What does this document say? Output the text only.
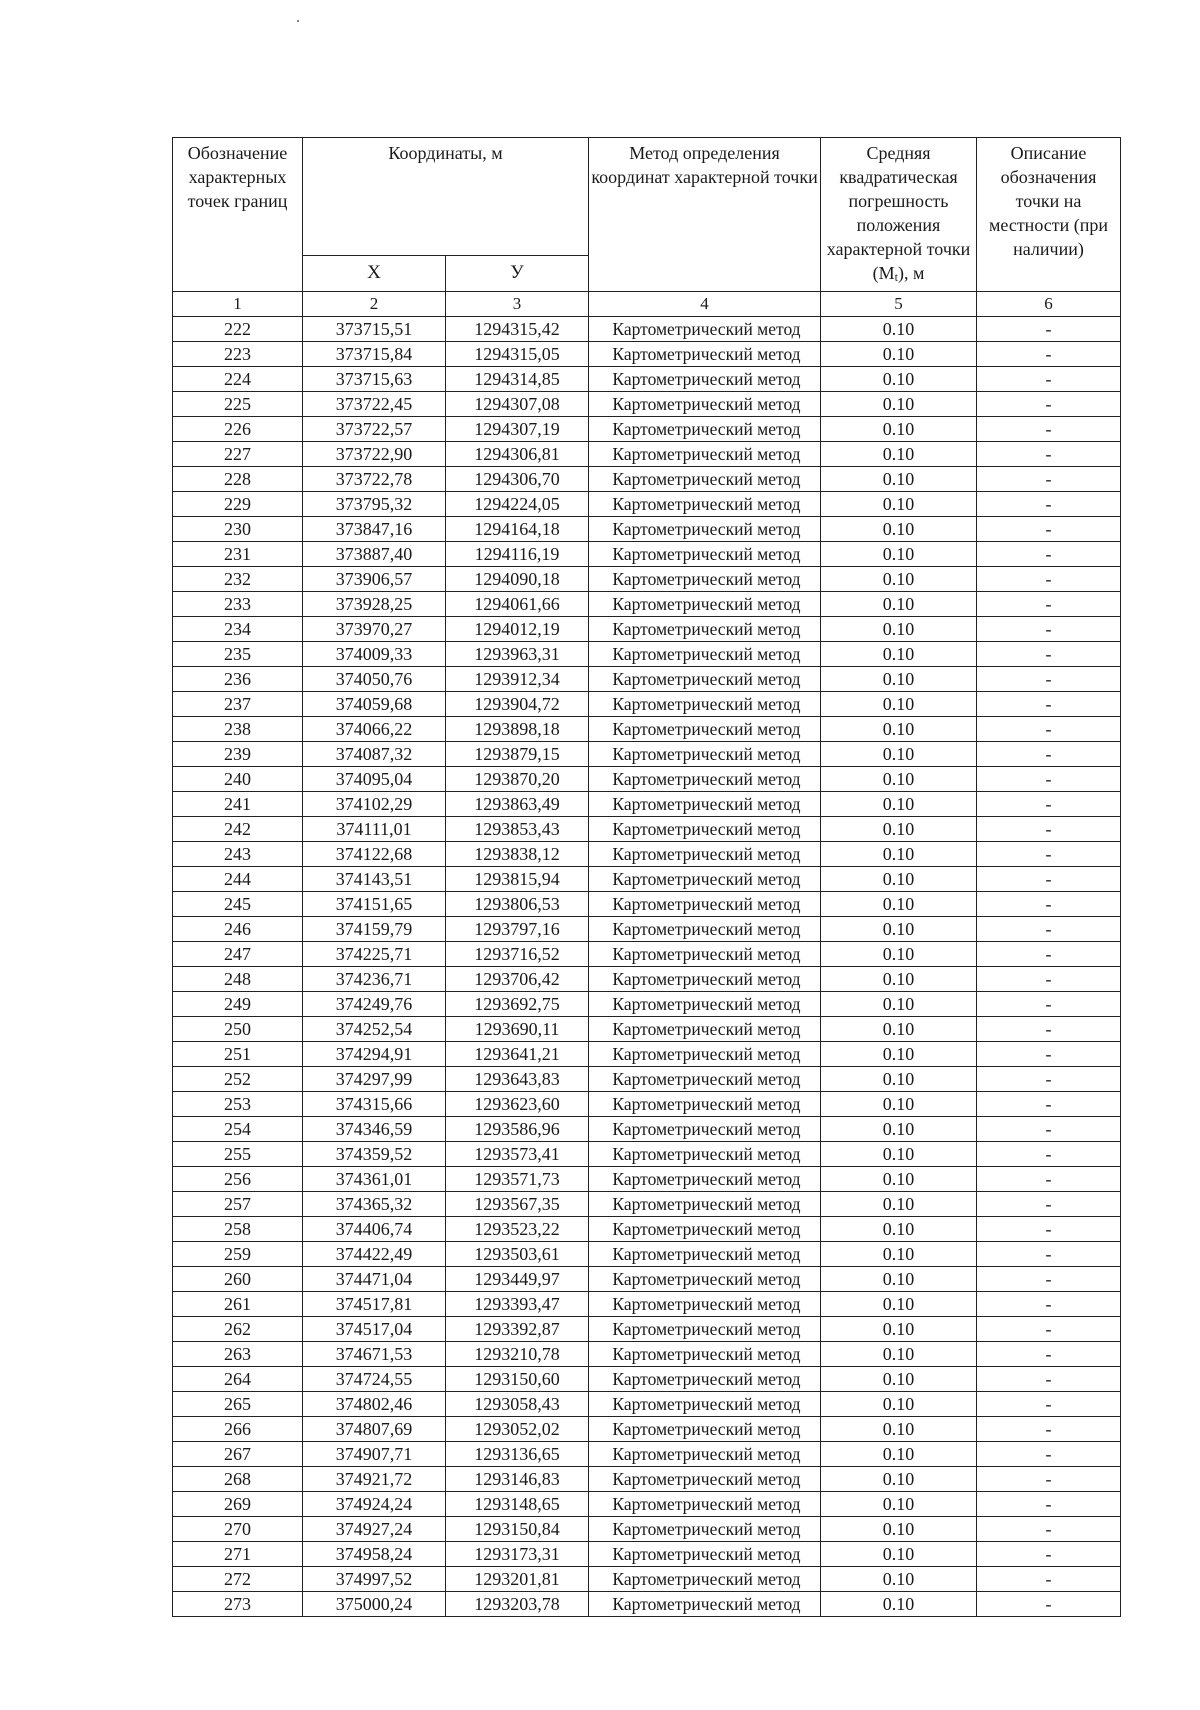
Обозначение характерных точек границ	Координаты, м		Метод определения координат характерной точки	Средняя квадратическая погрешность положения характерной точки (Мt), м	Описание обозначения точки на местности (при наличии)
	X	У			
1	2	3	4	5	6
222	373715,51	1294315,42	Картометрический метод	0.10	-
223	373715,84	1294315,05	Картометрический метод	0.10	-
224	373715,63	1294314,85	Картометрический метод	0.10	-
225	373722,45	1294307,08	Картометрический метод	0.10	-
226	373722,57	1294307,19	Картометрический метод	0.10	-
227	373722,90	1294306,81	Картометрический метод	0.10	-
228	373722,78	1294306,70	Картометрический метод	0.10	-
229	373795,32	1294224,05	Картометрический метод	0.10	-
230	373847,16	1294164,18	Картометрический метод	0.10	-
231	373887,40	1294116,19	Картометрический метод	0.10	-
232	373906,57	1294090,18	Картометрический метод	0.10	-
233	373928,25	1294061,66	Картометрический метод	0.10	-
234	373970,27	1294012,19	Картометрический метод	0.10	-
235	374009,33	1293963,31	Картометрический метод	0.10	-
236	374050,76	1293912,34	Картометрический метод	0.10	-
237	374059,68	1293904,72	Картометрический метод	0.10	-
238	374066,22	1293898,18	Картометрический метод	0.10	-
239	374087,32	1293879,15	Картометрический метод	0.10	-
240	374095,04	1293870,20	Картометрический метод	0.10	-
241	374102,29	1293863,49	Картометрический метод	0.10	-
242	374111,01	1293853,43	Картометрический метод	0.10	-
243	374122,68	1293838,12	Картометрический метод	0.10	-
244	374143,51	1293815,94	Картометрический метод	0.10	-
245	374151,65	1293806,53	Картометрический метод	0.10	-
246	374159,79	1293797,16	Картометрический метод	0.10	-
247	374225,71	1293716,52	Картометрический метод	0.10	-
248	374236,71	1293706,42	Картометрический метод	0.10	-
249	374249,76	1293692,75	Картометрический метод	0.10	-
250	374252,54	1293690,11	Картометрический метод	0.10	-
251	374294,91	1293641,21	Картометрический метод	0.10	-
252	374297,99	1293643,83	Картометрический метод	0.10	-
253	374315,66	1293623,60	Картометрический метод	0.10	-
254	374346,59	1293586,96	Картометрический метод	0.10	-
255	374359,52	1293573,41	Картометрический метод	0.10	-
256	374361,01	1293571,73	Картометрический метод	0.10	-
257	374365,32	1293567,35	Картометрический метод	0.10	-
258	374406,74	1293523,22	Картометрический метод	0.10	-
259	374422,49	1293503,61	Картометрический метод	0.10	-
260	374471,04	1293449,97	Картометрический метод	0.10	-
261	374517,81	1293393,47	Картометрический метод	0.10	-
262	374517,04	1293392,87	Картометрический метод	0.10	-
263	374671,53	1293210,78	Картометрический метод	0.10	-
264	374724,55	1293150,60	Картометрический метод	0.10	-
265	374802,46	1293058,43	Картометрический метод	0.10	-
266	374807,69	1293052,02	Картометрический метод	0.10	-
267	374907,71	1293136,65	Картометрический метод	0.10	-
268	374921,72	1293146,83	Картометрический метод	0.10	-
269	374924,24	1293148,65	Картометрический метод	0.10	-
270	374927,24	1293150,84	Картометрический метод	0.10	-
271	374958,24	1293173,31	Картометрический метод	0.10	-
272	374997,52	1293201,81	Картометрический метод	0.10	-
273	375000,24	1293203,78	Картометрический метод	0.10	-
